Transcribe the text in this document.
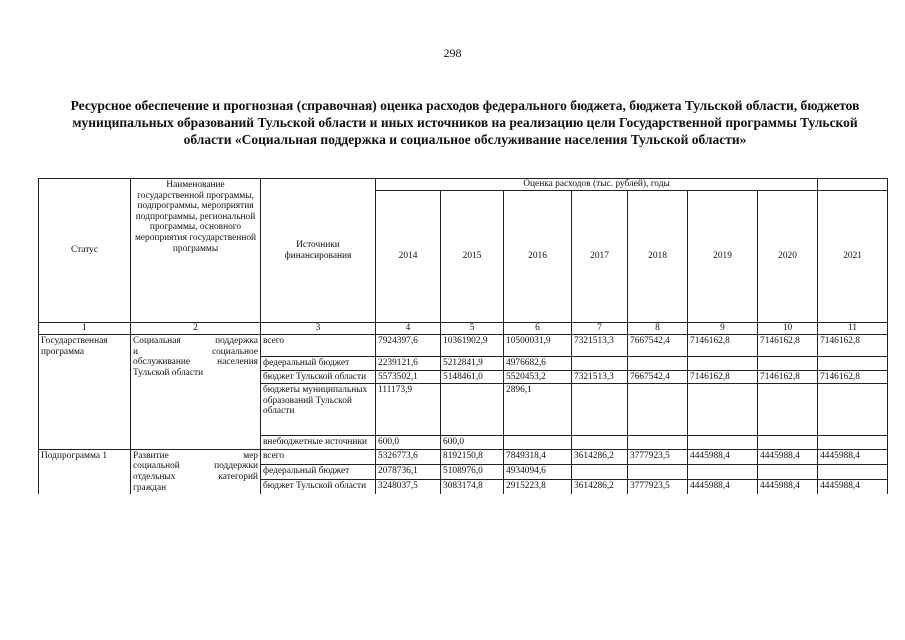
298
Ресурсное обеспечение и прогнозная (справочная) оценка расходов федерального бюджета, бюджета Тульской области, бюджетов муниципальных образований Тульской области и иных источников на реализацию цели Государственной программы Тульской области «Социальная поддержка и социальное обслуживание населения Тульской области»
Статус	Наименование государственной программы, подпрограммы, мероприятия подпрограммы, региональной программы, основного мероприятия государственной программы	Источники финансирования	Оценка расходов (тыс. рублей), годы							
			2014	2015	2016	2017	2018	2019	2020	2021
1	2	3	4	5	6	7	8	9	10	11
Государственная программа	Социальная поддержка
и социальное
обслуживание населения
Тульской области	всего	7924397,6	10361902,9	10500031,9	7321513,3	7667542,4	7146162,8	7146162,8	7146162,8
		федеральный бюджет	2239121,6	5212841,9	4976682,6					
		бюджет Тульской области	5573502,1	5148461,0	5520453,2	7321513,3	7667542,4	7146162,8	7146162,8	7146162,8
		бюджеты муниципальных образований Тульской области	111173,9		2896,1					
		внебюджетные источники	600,0	600,0						
Подпрограмма 1	Развитие мер
социальной поддержки
отдельных категорий
граждан	всего	5326773,6	8192150,8	7849318,4	3614286,2	3777923,5	4445988,4	4445988,4	4445988,4
		федеральный бюджет	2078736,1	5108976,0	4934094,6					
		бюджет Тульской области	3248037,5	3083174,8	2915223,8	3614286,2	3777923,5	4445988,4	4445988,4	4445988,4
